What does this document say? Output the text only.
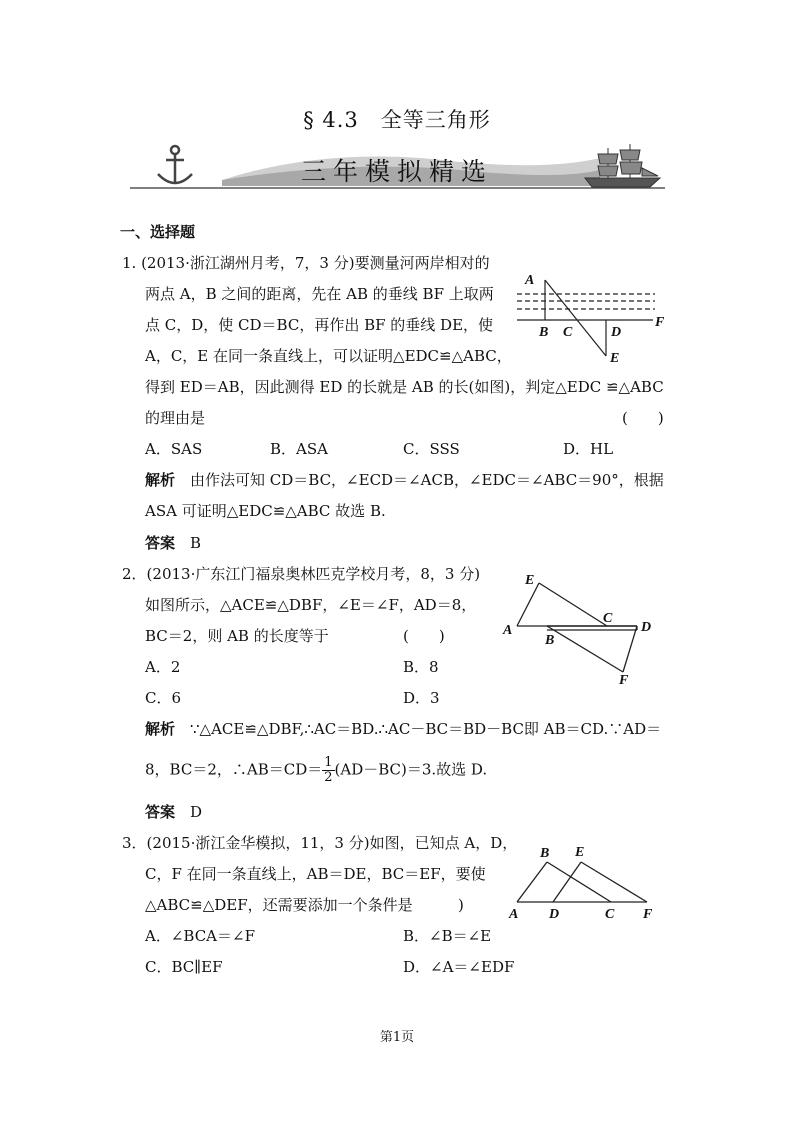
§ 4.3　全等三角形
三年模拟精选
一、选择题
1. (2013·浙江湖州月考，7，3 分)要测量河两岸相对的
两点 A，B 之间的距离，先在 AB 的垂线 BF 上取两
点 C，D，使 CD＝BC，再作出 BF 的垂线 DE，使
A，C，E 在同一条直线上，可以证明△EDC≌△ABC，
得到 ED＝AB，因此测得 ED 的长就是 AB 的长(如图)，判定△EDC ≌△ABC
的理由是	(　　)
A．SAS	B．ASA	C．SSS	D．HL
解析 由作法可知 CD＝BC，∠ECD＝∠ACB，∠EDC＝∠ABC＝90°，根据
ASA 可证明△EDC≌△ABC 故选 B.
答案 B
A
B C	D
E
F
2．(2013·广东江门福泉奥林匹克学校月考，8，3 分)
如图所示，△ACE≌△DBF，∠E＝∠F，AD＝8，
BC＝2，则 AB 的长度等于	(　　)
A．2	B．8
C．6	D．3
解析 ∵△ACE≌△DBF,∴AC＝BD.∴AC－BC＝BD－BC即 AB＝CD.∵AD＝
8，BC＝2，∴AB＝CD＝ $\frac{1}{2} (AD-BC)=3$.故选 D.
答案 D
E
A
B
C
D
F
3．(2015·浙江金华模拟，11，3 分)如图，已知点 A，D，
C，F 在同一条直线上，AB＝DE，BC＝EF，要使
△ABC≌△DEF，还需要添加一个条件是	)
A．∠BCA＝∠F	B．∠B＝∠E
C．BC∥EF	D．∠A＝∠EDF
B E
A D	C F
第1页
